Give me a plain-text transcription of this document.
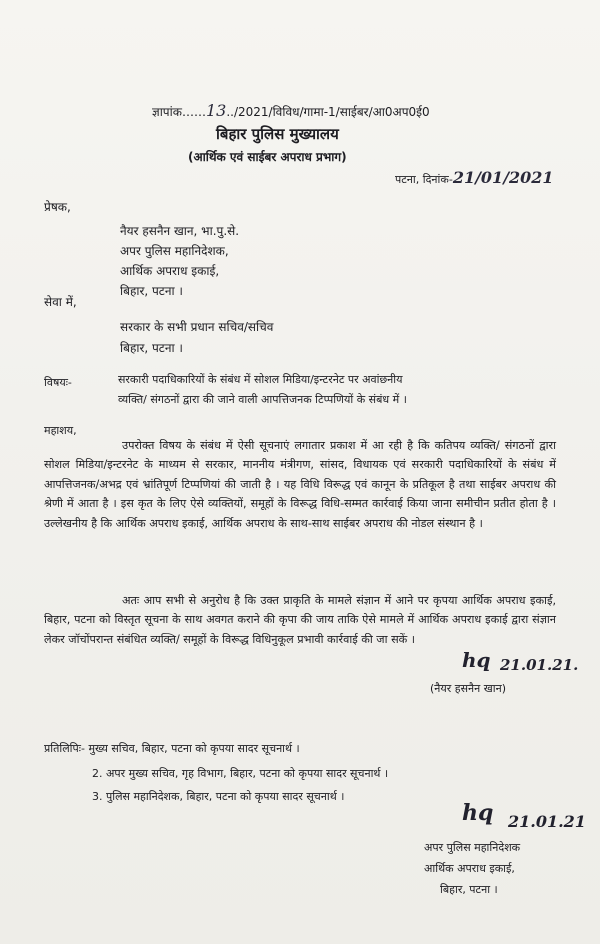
ज्ञापांक……13../2021/विविध/गामा-1/साईबर/आ0अप0ई0
बिहार पुलिस मुख्यालय
(आर्थिक एवं साईबर अपराध प्रभाग)
पटना, दिनांक-21/01/2021
प्रेषक,
नैयर हसनैन खान, भा.पु.से.
अपर पुलिस महानिदेशक,
आर्थिक अपराध इकाई,
बिहार, पटना ।
सेवा में,
सरकार के सभी प्रधान सचिव/सचिव
बिहार, पटना ।
विषयः-	सरकारी पदाधिकारियों के संबंध में सोशल मिडिया/इन्टरनेट पर अवांछनीय
व्यक्ति/ संगठनों द्वारा की जाने वाली आपत्तिजनक टिप्पणियों के संबंध में ।
महाशय,
उपरोक्त विषय के संबंध में ऐसी सूचनाएं लगातार प्रकाश में आ रही है कि कतिपय व्यक्ति/ संगठनों द्वारा सोशल मिडिया/इन्टरनेट के माध्यम से सरकार, माननीय मंत्रीगण, सांसद, विधायक एवं सरकारी पदाधिकारियों के संबंध में आपत्तिजनक/अभद्र एवं भ्रांतिपूर्ण टिप्पणियां की जाती है । यह विधि विरूद्ध एवं कानून के प्रतिकूल है तथा साईबर अपराध की श्रेणी में आता है । इस कृत के लिए ऐसे व्यक्तियों, समूहों के विरूद्ध विधि-सम्मत कार्रवाई किया जाना समीचीन प्रतीत होता है । उल्लेखनीय है कि आर्थिक अपराध इकाई, आर्थिक अपराध के साथ-साथ साईबर अपराध की नोडल संस्थान है ।
अतः आप सभी से अनुरोध है कि उक्त प्राकृति के मामले संज्ञान में आने पर कृपया आर्थिक अपराध इकाई, बिहार, पटना को विस्तृत सूचना के साथ अवगत कराने की कृपा की जाय ताकि ऐसे मामले में आर्थिक अपराध इकाई द्वारा संज्ञान लेकर जॉचोंपरान्त संबंधित व्यक्ति/ समूहों के विरूद्ध विधिनुकूल प्रभावी कार्रवाई की जा सकें ।
hq 21.01.21.
(नैयर हसनैन खान)
प्रतिलिपिः- मुख्य सचिव, बिहार, पटना को कृपया सादर सूचनार्थ ।
2. अपर मुख्य सचिव, गृह विभाग, बिहार, पटना को कृपया सादर सूचनार्थ ।
3. पुलिस महानिदेशक, बिहार, पटना को कृपया सादर सूचनार्थ ।
hq 21.01.21
अपर पुलिस महानिदेशक
आर्थिक अपराध इकाई,
बिहार, पटना ।
